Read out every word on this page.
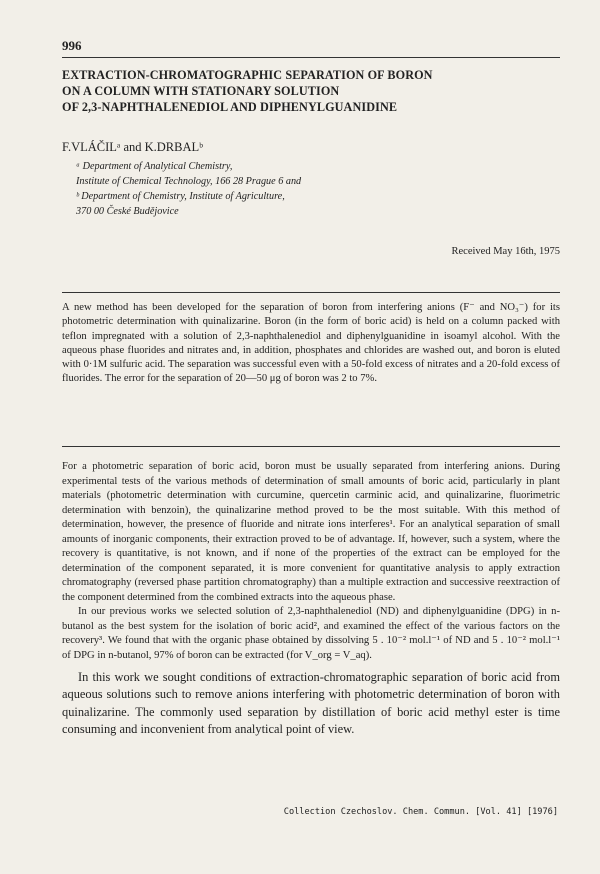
996
EXTRACTION-CHROMATOGRAPHIC SEPARATION OF BORON
ON A COLUMN WITH STATIONARY SOLUTION
OF 2,3-NAPHTHALENEDIOL AND DIPHENYLGUANIDINE
F.VLÁČILᵃ and K.DRBALᵇ
ᵃ Department of Analytical Chemistry,
Institute of Chemical Technology, 166 28 Prague 6 and
ᵇ Department of Chemistry, Institute of Agriculture,
370 00 České Budějovice
Received May 16th, 1975
A new method has been developed for the separation of boron from interfering anions (F⁻ and NO₃⁻) for its photometric determination with quinalizarine. Boron (in the form of boric acid) is held on a column packed with teflon impregnated with a solution of 2,3-naphthalenediol and diphenylguanidine in isoamyl alcohol. With the aqueous phase fluorides and nitrates and, in addition, phosphates and chlorides are washed out, and boron is eluted with 0·1M sulfuric acid. The separation was successful even with a 50-fold excess of nitrates and a 20-fold excess of fluorides. The error for the separation of 20—50 μg of boron was 2 to 7%.

For a photometric separation of boric acid, boron must be usually separated from interfering anions. During experimental tests of the various methods of determination of small amounts of boric acid, particularly in plant materials (photometric determination with curcumine, quercetin carminic acid, and quinalizarine, fluorimetric determination with benzoin), the quinalizarine method proved to be the most suitable. With this method of determination, however, the presence of fluoride and nitrate ions interferes¹. For an analytical separation of small amounts of inorganic components, their extraction proved to be of advantage. If, however, such a system, where the recovery is quantitative, is not known, and if none of the properties of the extract can be employed for the determination of the component separated, it is more convenient for quantitative analysis to apply extraction chromatography (reversed phase partition chromatography) than a multiple extraction and successive reextraction of the component determined from the combined extracts into the aqueous phase.

In our previous works we selected solution of 2,3-naphthalenediol (ND) and diphenylguanidine (DPG) in n-butanol as the best system for the isolation of boric acid², and examined the effect of the various factors on the recovery³. We found that with the organic phase obtained by dissolving 5 . 10⁻² mol.l⁻¹ of ND and 5 . 10⁻² mol.l⁻¹ of DPG in n-butanol, 97% of boron can be extracted (for V_org = V_aq).

In this work we sought conditions of extraction-chromatographic separation of boric acid from aqueous solutions such to remove anions interfering with photometric determination of boron with quinalizarine. The commonly used separation by distillation of boric acid methyl ester is time consuming and inconvenient from analytical point of view.

Collection Czechoslov. Chem. Commun. [Vol. 41] [1976]
